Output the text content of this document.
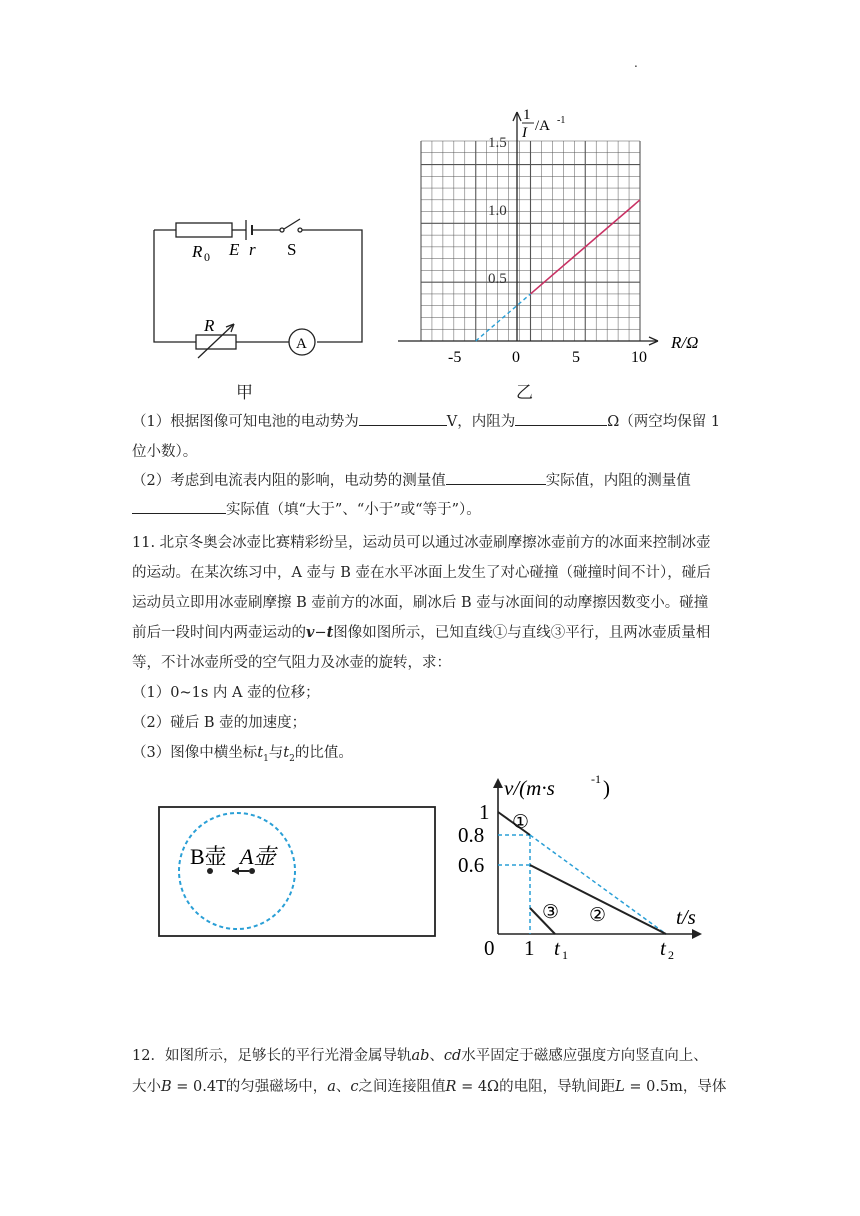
.
R 0 E r S
R
A
甲
1
I /A -1
1.5
1.0
0.5
-5	0	5	10
R/Ω
乙
（1）根据图像可知电池的电动势为	V，内阻为	Ω（两空均保留 1
位小数）。
（2）考虑到电流表内阻的影响，电动势的测量值	实际值，内阻的测量值
实际值（填“大于”、“小于”或“等于”）。
11. 北京冬奥会冰壶比赛精彩纷呈，运动员可以通过冰壶刷摩擦冰壶前方的冰面来控制冰壶
的运动。在某次练习中，A 壶与 B 壶在水平冰面上发生了对心碰撞（碰撞时间不计），碰后
运动员立即用冰壶刷摩擦 B 壶前方的冰面，刷冰后 B 壶与冰面间的动摩擦因数变小。碰撞
前后一段时间内两壶运动的v−t图像如图所示，已知直线①与直线③平行，且两冰壶质量相
等，不计冰壶所受的空气阻力及冰壶的旋转，求：
（1）0~1s 内 A 壶的位移；
（2）碰后 B 壶的加速度；
（3）图像中横坐标$t_1$与$t_2$的比值。
B壶 A壶
v/(m·s	-1 )
t/s
1
0.8
0.6
0 1 t 1	t 2
①
②
③
12．如图所示，足够长的平行光滑金属导轨ab、cd水平固定于磁感应强度方向竖直向上、
大小B = 0.4T的匀强磁场中，a、c之间连接阻值R = 4Ω的电阻，导轨间距L = 0.5m，导体
